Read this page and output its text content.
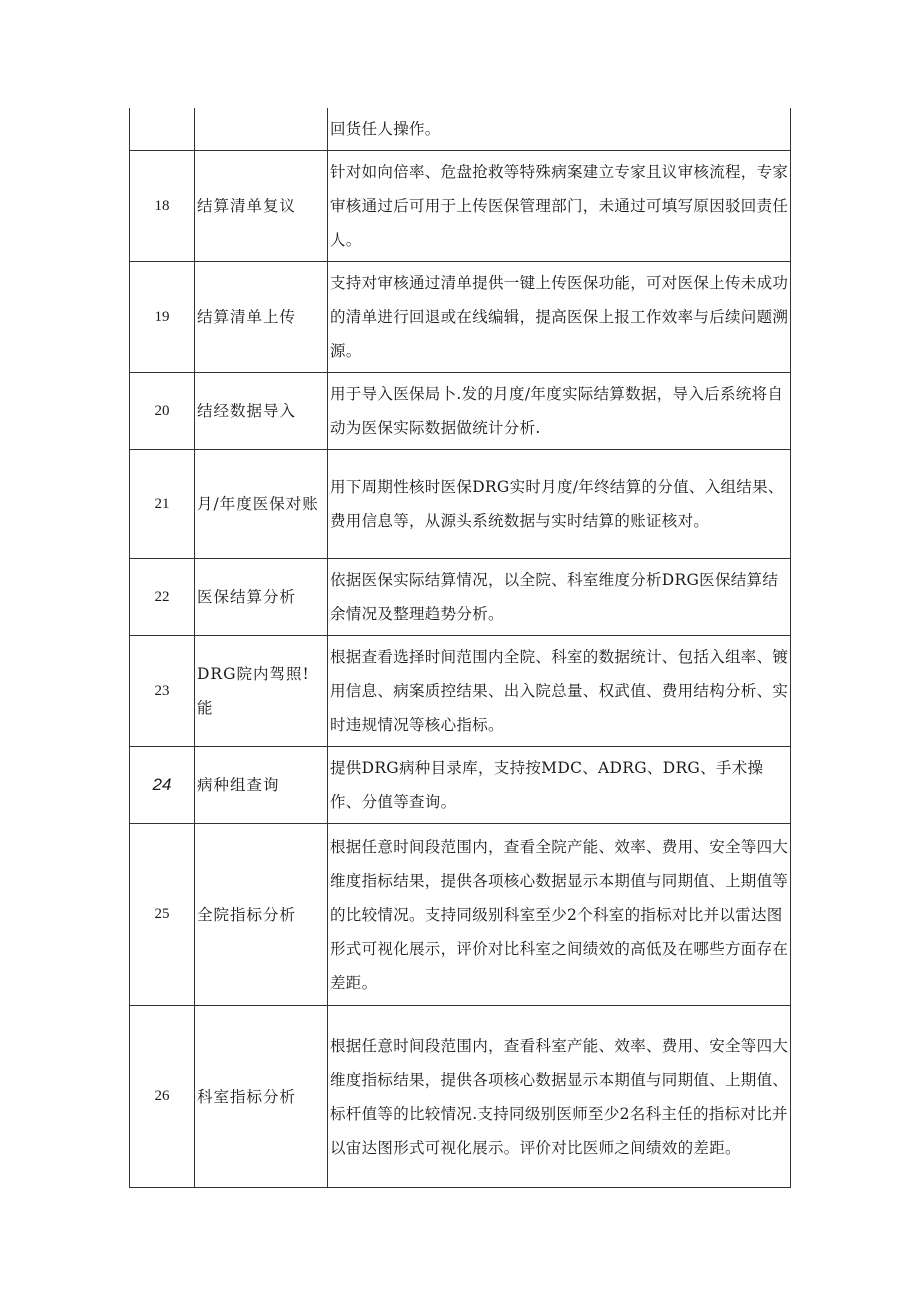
		回货任人操作。
18	结算清单复议	针对如向倍率、危盘抢救等特殊病案建立专家且议审核流程，专家审核通过后可用于上传医保管理部门，未通过可填写原因驳回责任人。
19	结算清单上传	支持对审核通过清单提供一键上传医保功能，可对医保上传未成功的清单进行回退或在线编辑，提高医保上报工作效率与后续问题溯源。
20	结经数据导入	用于导入医保局卜.发的月度/年度实际结算数据，导入后系统将自动为医保实际数据做统计分析.
21	月/年度医保对账	用下周期性核时医保DRG实时月度/年终结算的分值、入组结果、费用信息等，从源头系统数据与实时结算的账证核对。
22	医保结算分析	依据医保实际结算情况，以全院、科室维度分析DRG医保结算结余情况及整理趋势分析。
23	DRG院内驾照!能	根据查看选择时间范围内全院、科室的数据统计、包括入组率、镀用信息、病案质控结果、出入院总量、权武值、费用结构分析、实时违规情况等核心指标。
24	病种组查询	提供DRG病种目录库，支持按MDC、ADRG、DRG、手术操作、分值等查询。
25	全院指标分析	根据任意时间段范围内，查看全院产能、效率、费用、安全等四大维度指标结果，提供各项核心数据显示本期值与同期值、上期值等的比较情况。支持同级别科室至少2个科室的指标对比并以雷达图形式可视化展示，评价对比科室之间绩效的高低及在哪些方面存在差距。
26	科室指标分析	根据任意时间段范围内，查看科室产能、效率、费用、安全等四大维度指标结果，提供各项核心数据显示本期值与同期值、上期值、标杆值等的比较情况.支持同级别医师至少2名科主任的指标对比并以宙达图形式可视化展示。评价对比医师之间绩效的差距。
